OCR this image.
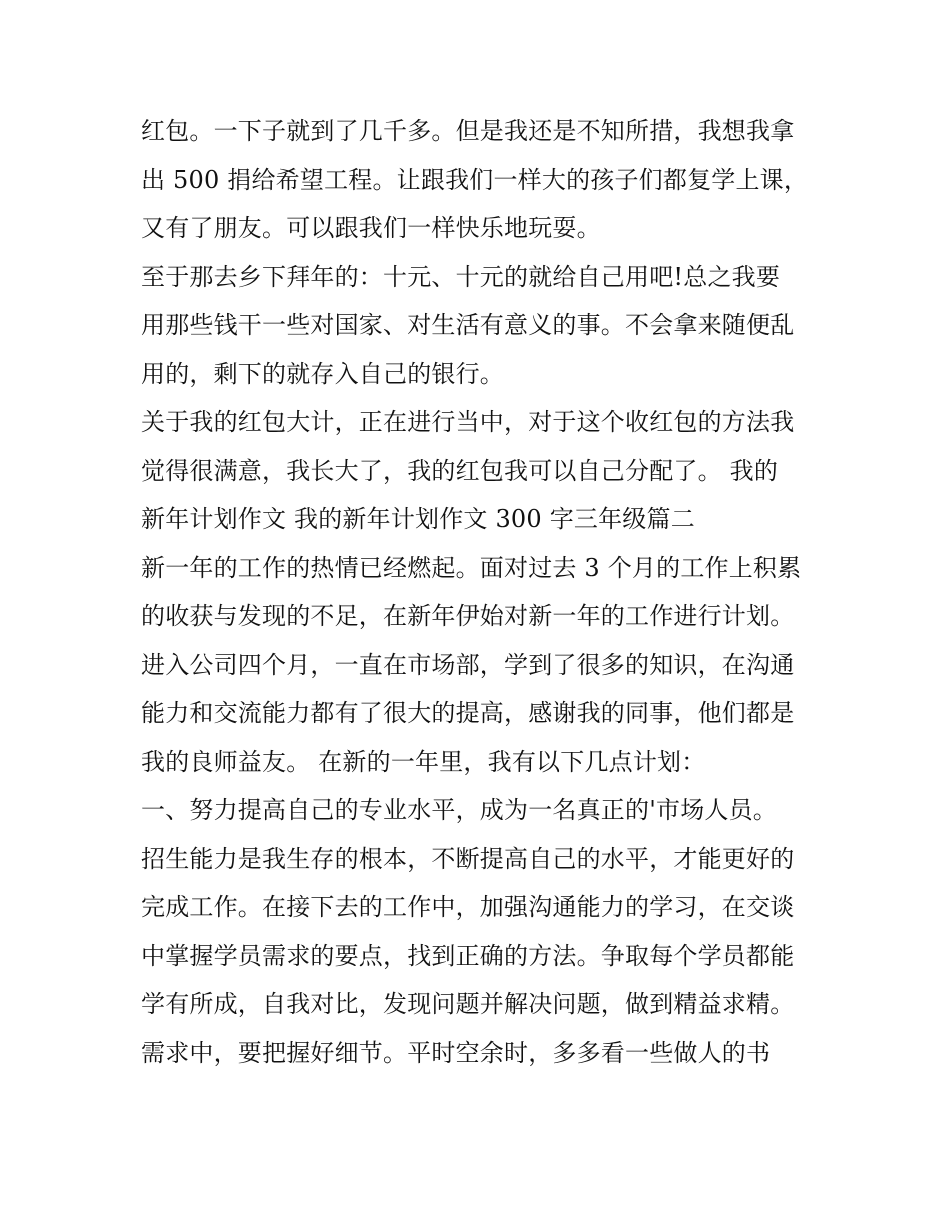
红包。一下子就到了几千多。但是我还是不知所措，我想我拿
出 500 捐给希望工程。让跟我们一样大的孩子们都复学上课，
又有了朋友。可以跟我们一样快乐地玩耍。
至于那去乡下拜年的：十元、十元的就给自己用吧!总之我要
用那些钱干一些对国家、对生活有意义的事。不会拿来随便乱
用的，剩下的就存入自己的银行。
关于我的红包大计，正在进行当中，对于这个收红包的方法我
觉得很满意，我长大了，我的红包我可以自己分配了。 我的
新年计划作文 我的新年计划作文 300 字三年级篇二
新一年的工作的热情已经燃起。面对过去 3 个月的工作上积累
的收获与发现的不足，在新年伊始对新一年的工作进行计划。
进入公司四个月，一直在市场部，学到了很多的知识，在沟通
能力和交流能力都有了很大的提高，感谢我的同事，他们都是
我的良师益友。 在新的一年里，我有以下几点计划：
一、努力提高自己的专业水平，成为一名真正的'市场人员。
招生能力是我生存的根本，不断提高自己的水平，才能更好的
完成工作。在接下去的工作中，加强沟通能力的学习，在交谈
中掌握学员需求的要点，找到正确的方法。争取每个学员都能
学有所成，自我对比，发现问题并解决问题，做到精益求精。
需求中，要把握好细节。平时空余时，多多看一些做人的书
